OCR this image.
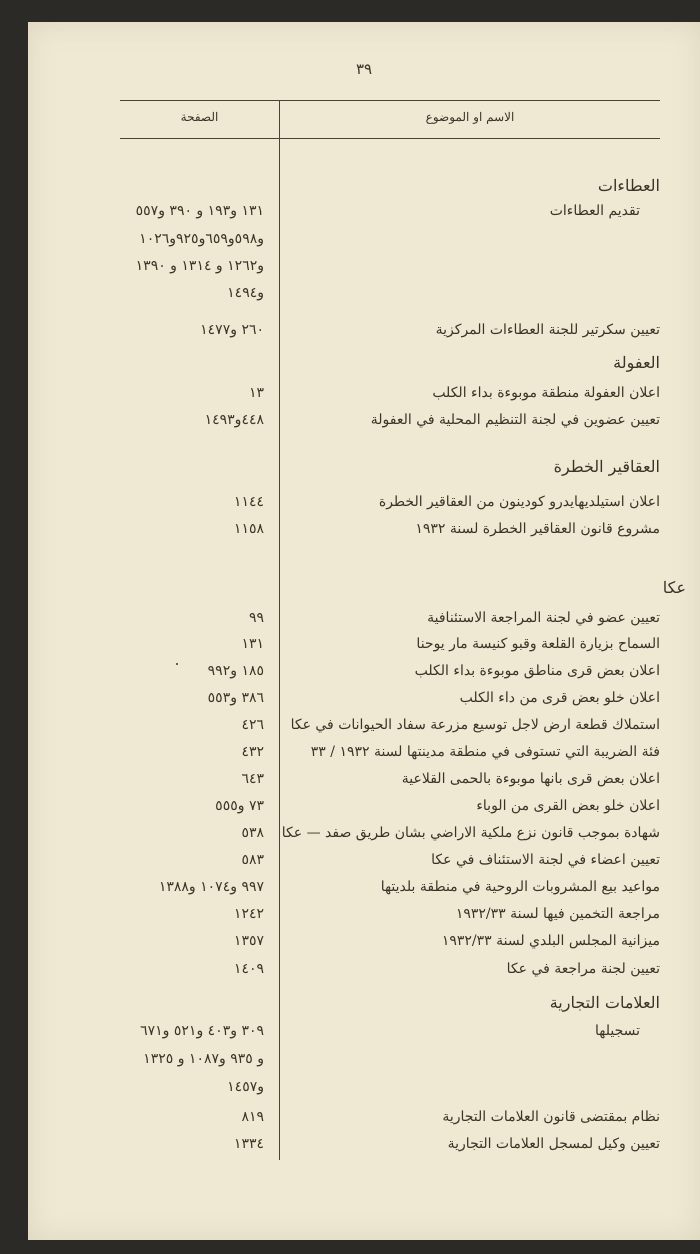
٣٩
الاسم او الموضوع
الصفحة
العطاءات
تقديم العطاءات
١٣١ و١٩٣ و ٣٩٠ و٥٥٧
و٥٩٨و٦٥٩و٩٢٥و١٠٢٦
و١٢٦٢ و ١٣١٤ و ١٣٩٠
و١٤٩٤
تعيين سكرتير للجنة العطاءات المركزية
٢٦٠ و١٤٧٧
العفولة
اعلان العفولة منطقة موبوءة بداء الكلب
١٣
تعيين عضوين في لجنة التنظيم المحلية في العفولة
٤٤٨و١٤٩٣
العقاقير الخطرة
اعلان استيلديهايدرو كودينون من العقاقير الخطرة
١١٤٤
مشروع قانون العقاقير الخطرة لسنة ١٩٣٢
١١٥٨
عكا
تعيين عضو في لجنة المراجعة الاستئنافية
٩٩
السماح بزيارة القلعة وقبو كنيسة مار يوحنا
١٣١
اعلان بعض قرى مناطق موبوءة بداء الكلب
١٨٥ و٩٩٢
اعلان خلو بعض قرى من داء الكلب
٣٨٦ و٥٥٣
استملاك قطعة ارض لاجل توسيع مزرعة سفاد الحيوانات في عكا
٤٢٦
فئة الضريبة التي تستوفى في منطقة مدينتها لسنة ١٩٣٢ / ٣٣
٤٣٢
اعلان بعض قرى بانها موبوءة بالحمى القلاعية
٦٤٣
اعلان خلو بعض القرى من الوباء
٧٣ و٥٥٥
شهادة بموجب قانون نزع ملكية الاراضي بشان طريق صفد — عكا
٥٣٨
تعيين اعضاء في لجنة الاستئناف في عكا
٥٨٣
مواعيد بيع المشروبات الروحية في منطقة بلديتها
٩٩٧ و١٠٧٤ و١٣٨٨
مراجعة التخمين فيها لسنة ١٩٣٢/٣٣
١٢٤٢
ميزانية المجلس البلدي لسنة ١٩٣٢/٣٣
١٣٥٧
تعيين لجنة مراجعة في عكا
١٤٠٩
العلامات التجارية
تسجيلها
٣٠٩ و٤٠٣ و٥٢١ و٦٧١
و ٩٣٥ و١٠٨٧ و ١٣٢٥
و١٤٥٧
نظام بمقتضى قانون العلامات التجارية
٨١٩
تعيين وكيل لمسجل العلامات التجارية
١٣٣٤
